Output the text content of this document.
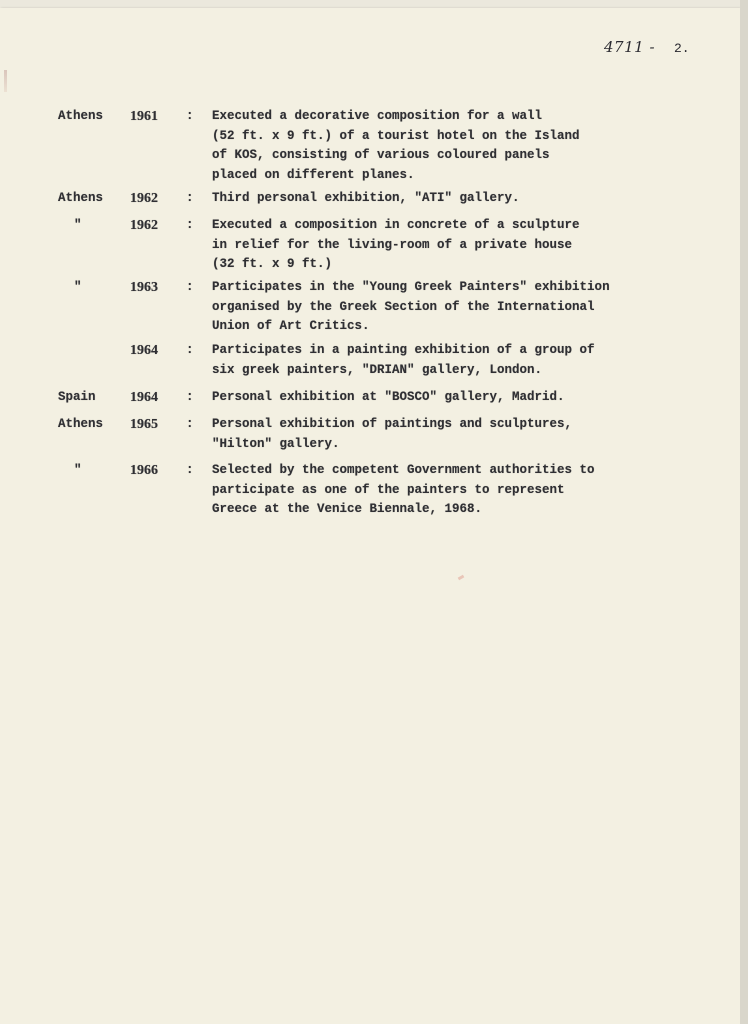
4711 - 2.
Athens 1961 : Executed a decorative composition for a wall
(52 ft. x 9 ft.) of a tourist hotel on the Island
of KOS, consisting of various coloured panels
placed on different planes.
Athens 1962 : Third personal exhibition, "ATI" gallery.
"	1962 : Executed a composition in concrete of a sculpture
in relief for the living-room of a private house
(32 ft. x 9 ft.)
"	1963 : Participates in the "Young Greek Painters" exhibition
organised by the Greek Section of the International
Union of Art Critics.
1964 : Participates in a painting exhibition of a group of
six greek painters, "DRIAN" gallery, London.
Spain 1964 : Personal exhibition at "BOSCO" gallery, Madrid.
Athens 1965 : Personal exhibition of paintings and sculptures,
"Hilton" gallery.
"	1966 : Selected by the competent Government authorities to
participate as one of the painters to represent
Greece at the Venice Biennale, 1968.
